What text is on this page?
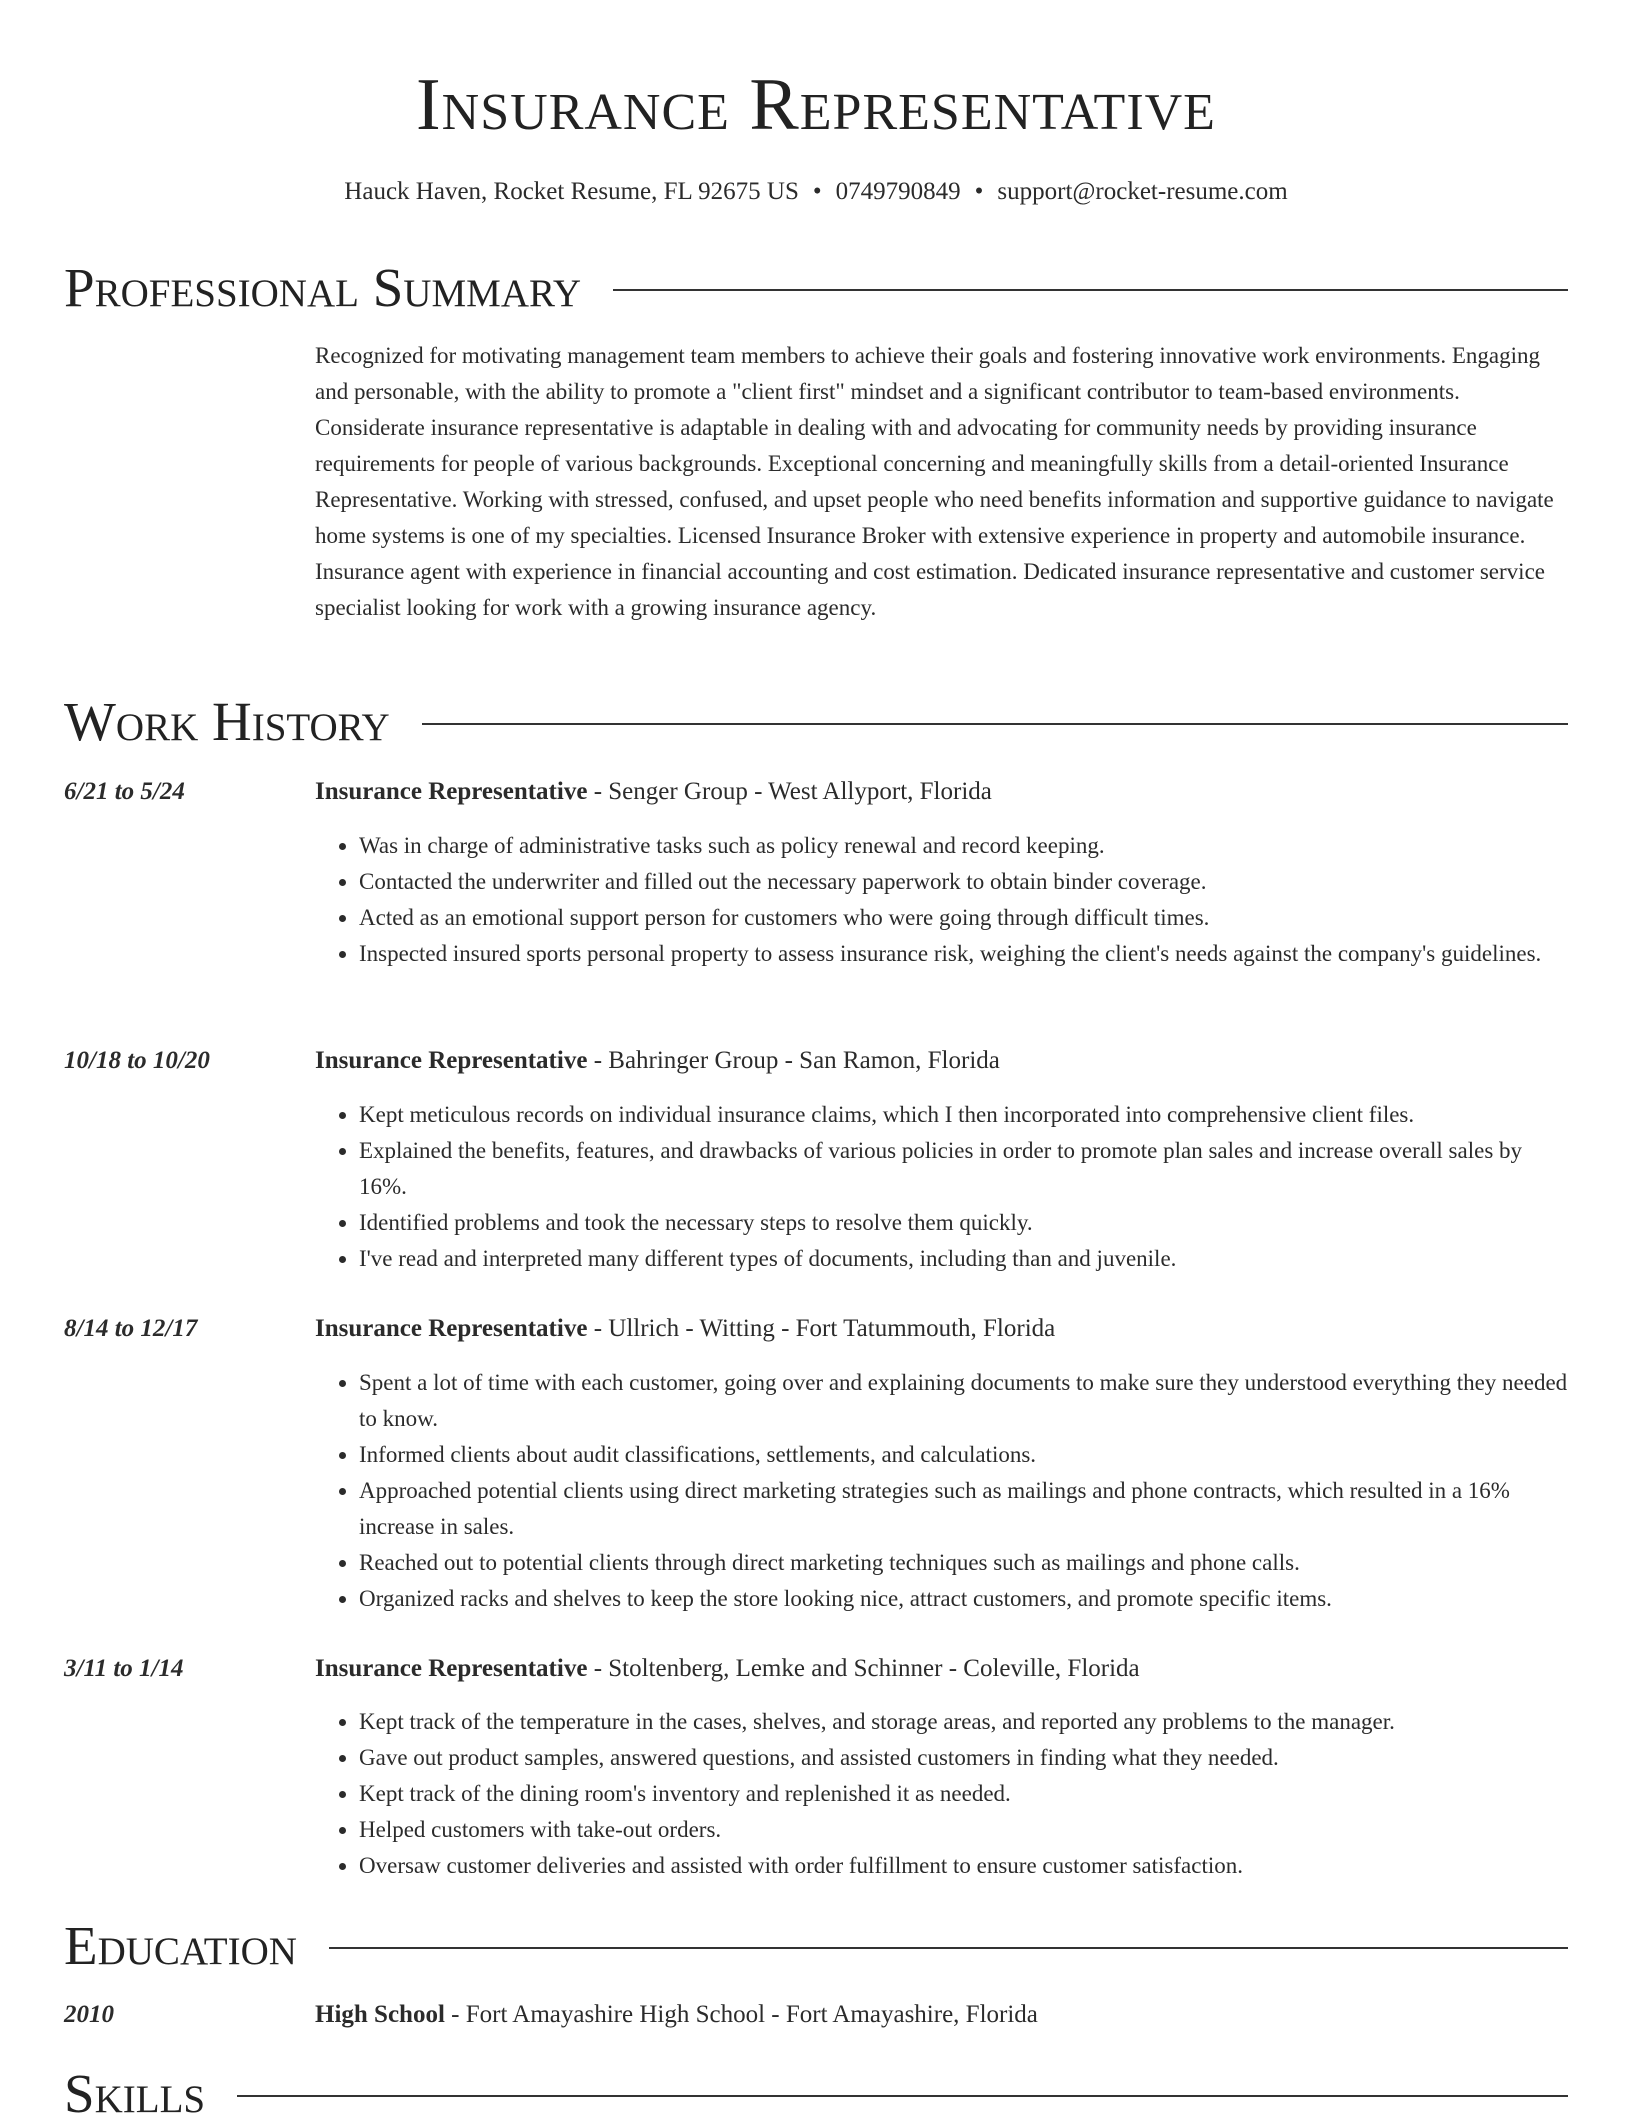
Insurance Representative
Hauck Haven, Rocket Resume, FL 92675 US • 0749790849 • support@rocket-resume.com
Professional Summary

Recognized for motivating management team members to achieve their goals and fostering innovative work environments. Engaging and personable, with the ability to promote a "client first" mindset and a significant contributor to team-based environments. Considerate insurance representative is adaptable in dealing with and advocating for community needs by providing insurance requirements for people of various backgrounds. Exceptional concerning and meaningfully skills from a detail-oriented Insurance Representative. Working with stressed, confused, and upset people who need benefits information and supportive guidance to navigate home systems is one of my specialties. Licensed Insurance Broker with extensive experience in property and automobile insurance. Insurance agent with experience in financial accounting and cost estimation. Dedicated insurance representative and customer service specialist looking for work with a growing insurance agency.

Work History
6/21 to 5/24	Insurance Representative - Senger Group - West Allyport, Florida
• Was in charge of administrative tasks such as policy renewal and record keeping.
• Contacted the underwriter and filled out the necessary paperwork to obtain binder coverage.
• Acted as an emotional support person for customers who were going through difficult times.
• Inspected insured sports personal property to assess insurance risk, weighing the client's needs against the company's guidelines.
10/18 to 10/20	Insurance Representative - Bahringer Group - San Ramon, Florida
• Kept meticulous records on individual insurance claims, which I then incorporated into comprehensive client files.
• Explained the benefits, features, and drawbacks of various policies in order to promote plan sales and increase overall sales by 16%.
• Identified problems and took the necessary steps to resolve them quickly.
• I've read and interpreted many different types of documents, including than and juvenile.
8/14 to 12/17	Insurance Representative - Ullrich - Witting - Fort Tatummouth, Florida
• Spent a lot of time with each customer, going over and explaining documents to make sure they understood everything they needed to know.
• Informed clients about audit classifications, settlements, and calculations.
• Approached potential clients using direct marketing strategies such as mailings and phone contracts, which resulted in a 16% increase in sales.
• Reached out to potential clients through direct marketing techniques such as mailings and phone calls.
• Organized racks and shelves to keep the store looking nice, attract customers, and promote specific items.
3/11 to 1/14	Insurance Representative - Stoltenberg, Lemke and Schinner - Coleville, Florida
• Kept track of the temperature in the cases, shelves, and storage areas, and reported any problems to the manager.
• Gave out product samples, answered questions, and assisted customers in finding what they needed.
• Kept track of the dining room's inventory and replenished it as needed.
• Helped customers with take-out orders.
• Oversaw customer deliveries and assisted with order fulfillment to ensure customer satisfaction.
Education
2010	High School - Fort Amayashire High School - Fort Amayashire, Florida
Skills
